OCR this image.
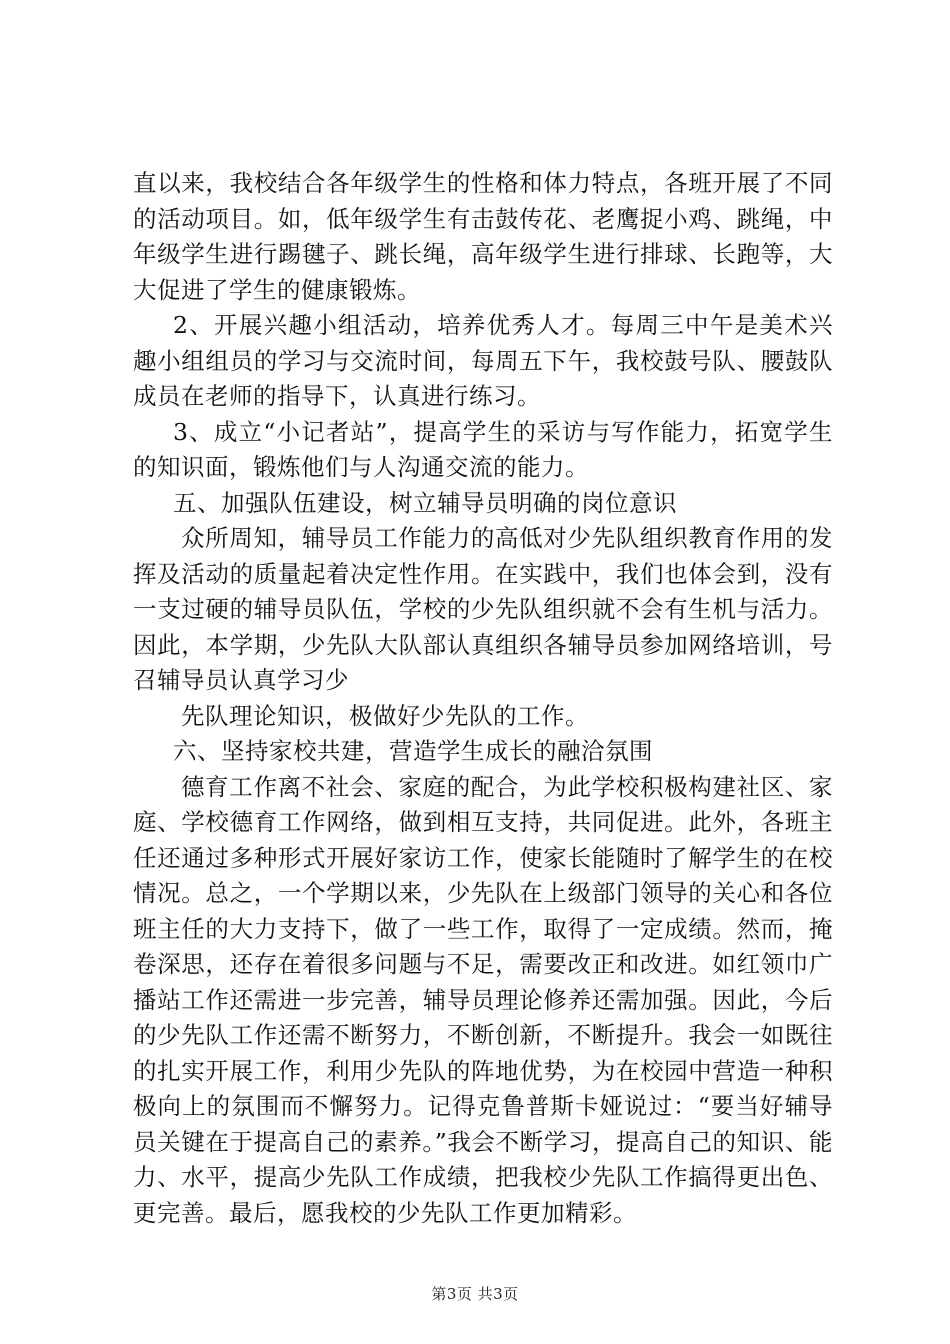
直以来，我校结合各年级学生的性格和体力特点，各班开展了不同的活动项目。如，低年级学生有击鼓传花、老鹰捉小鸡、跳绳，中年级学生进行踢毽子、跳长绳，高年级学生进行排球、长跑等，大大促进了学生的健康锻炼。

2、开展兴趣小组活动，培养优秀人才。每周三中午是美术兴趣小组组员的学习与交流时间，每周五下午，我校鼓号队、腰鼓队成员在老师的指导下，认真进行练习。

3、成立“小记者站”，提高学生的采访与写作能力，拓宽学生的知识面，锻炼他们与人沟通交流的能力。

五、加强队伍建设，树立辅导员明确的岗位意识

众所周知，辅导员工作能力的高低对少先队组织教育作用的发挥及活动的质量起着决定性作用。在实践中，我们也体会到，没有一支过硬的辅导员队伍，学校的少先队组织就不会有生机与活力。因此，本学期，少先队大队部认真组织各辅导员参加网络培训，号召辅导员认真学习少

先队理论知识，极做好少先队的工作。

六、坚持家校共建，营造学生成长的融洽氛围

德育工作离不社会、家庭的配合，为此学校积极构建社区、家庭、学校德育工作网络，做到相互支持，共同促进。此外，各班主任还通过多种形式开展好家访工作，使家长能随时了解学生的在校情况。总之，一个学期以来，少先队在上级部门领导的关心和各位班主任的大力支持下，做了一些工作，取得了一定成绩。然而，掩卷深思，还存在着很多问题与不足，需要改正和改进。如红领巾广播站工作还需进一步完善，辅导员理论修养还需加强。因此，今后的少先队工作还需不断努力，不断创新，不断提升。我会一如既往的扎实开展工作，利用少先队的阵地优势，为在校园中营造一种积极向上的氛围而不懈努力。记得克鲁普斯卡娅说过：“要当好辅导员关键在于提高自己的素养。”我会不断学习，提高自己的知识、能力、水平，提高少先队工作成绩，把我校少先队工作搞得更出色、更完善。最后，愿我校的少先队工作更加精彩。

第3页 共3页
